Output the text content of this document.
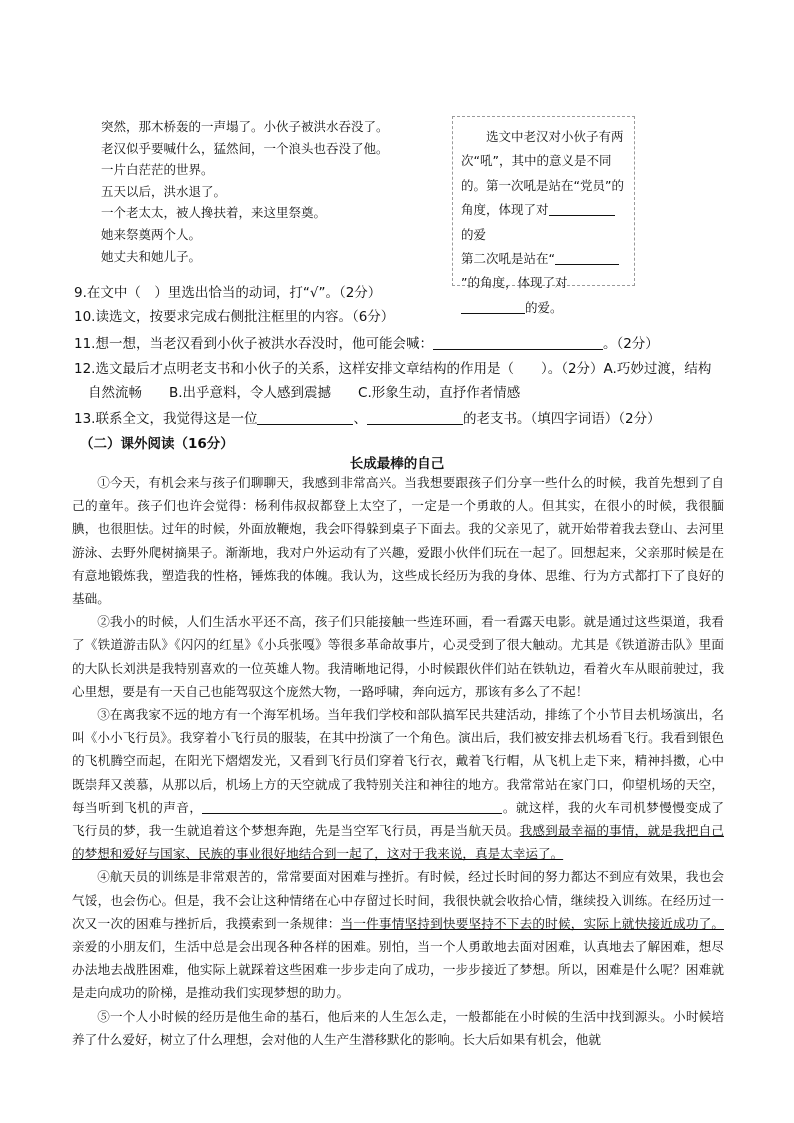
突然，那木桥轰的一声塌了。小伙子被洪水吞没了。
老汉似乎要喊什么，猛然间，一个浪头也吞没了他。
一片白茫茫的世界。
五天以后，洪水退了。
一个老太太，被人搀扶着，来这里祭奠。
她来祭奠两个人。
她丈夫和她儿子。

选文中老汉对小伙子有两次“吼”，其中的意义是不同的。第一次吼是站在“党员”的角度，体现了对的爱

第二次吼是站在“”的角度，体现了对的爱。
9.在文中（　）里选出恰当的动词，打“√”。（2分）
10.读选文，按要求完成右侧批注框里的内容。（6分）
11.想一想，当老汉看到小伙子被洪水吞没时，他可能会喊：	。（2分）
12.选文最后才点明老支书和小伙子的关系，这样安排文章结构的作用是（　　）。（2分）A.巧妙过渡，结构
自然流畅　　B.出乎意料，令人感到震撼　　C.形象生动，直抒作者情感
13.联系全文，我觉得这是一位	、	的老支书。（填四字词语）（2分）
（二）课外阅读（16分）
长成最棒的自己

①今天，有机会来与孩子们聊聊天，我感到非常高兴。当我想要跟孩子们分享一些什么的时候，我首先想到了自己的童年。孩子们也许会觉得：杨利伟叔叔都登上太空了，一定是一个勇敢的人。但其实，在很小的时候，我很腼腆，也很胆怯。过年的时候，外面放鞭炮，我会吓得躲到桌子下面去。我的父亲见了，就开始带着我去登山、去河里游泳、去野外爬树摘果子。渐渐地，我对户外运动有了兴趣，爱跟小伙伴们玩在一起了。回想起来，父亲那时候是在有意地锻炼我，塑造我的性格，锤炼我的体魄。我认为，这些成长经历为我的身体、思维、行为方式都打下了良好的基础。

②我小的时候，人们生活水平还不高，孩子们只能接触一些连环画，看一看露天电影。就是通过这些渠道，我看了《铁道游击队》《闪闪的红星》《小兵张嘎》等很多革命故事片，心灵受到了很大触动。尤其是《铁道游击队》里面的大队长刘洪是我特别喜欢的一位英雄人物。我清晰地记得，小时候跟伙伴们站在铁轨边，看着火车从眼前驶过，我心里想，要是有一天自己也能驾驭这个庞然大物，一路呼啸，奔向远方，那该有多么了不起！

③在离我家不远的地方有一个海军机场。当年我们学校和部队搞军民共建活动，排练了个小节目去机场演出，名叫《小小飞行员》。我穿着小飞行员的服装，在其中扮演了一个角色。演出后，我们被安排去机场看飞行。我看到银色的飞机腾空而起，在阳光下熠熠发光，又看到飞行员们穿着飞行衣，戴着飞行帽，从飞机上走下来，精神抖擞，心中既崇拜又羡慕，从那以后，机场上方的天空就成了我特别关注和神往的地方。我常常站在家门口，仰望机场的天空，每当听到飞机的声音，	。就这样，我的火车司机梦慢慢变成了飞行员的梦，我一生就追着这个梦想奔跑，先是当空军飞行员，再是当航天员。我感到最幸福的事情，就是我把自己的梦想和爱好与国家、民族的事业很好地结合到一起了，这对于我来说，真是太幸运了。

④航天员的训练是非常艰苦的，常常要面对困难与挫折。有时候，经过长时间的努力都达不到应有效果，我也会气馁，也会伤心。但是，我不会让这种情绪在心中存留过长时间，我很快就会收拾心情，继续投入训练。在经历过一次又一次的困难与挫折后，我摸索到一条规律：当一件事情坚持到快要坚持不下去的时候，实际上就快接近成功了。亲爱的小朋友们，生活中总是会出现各种各样的困难。别怕，当一个人勇敢地去面对困难，认真地去了解困难，想尽办法地去战胜困难，他实际上就踩着这些困难一步步走向了成功，一步步接近了梦想。所以，困难是什么呢？困难就是走向成功的阶梯，是推动我们实现梦想的助力。

⑤一个人小时候的经历是他生命的基石，他后来的人生怎么走，一般都能在小时候的生活中找到源头。小时候培养了什么爱好，树立了什么理想，会对他的人生产生潜移默化的影响。长大后如果有机会，他就
